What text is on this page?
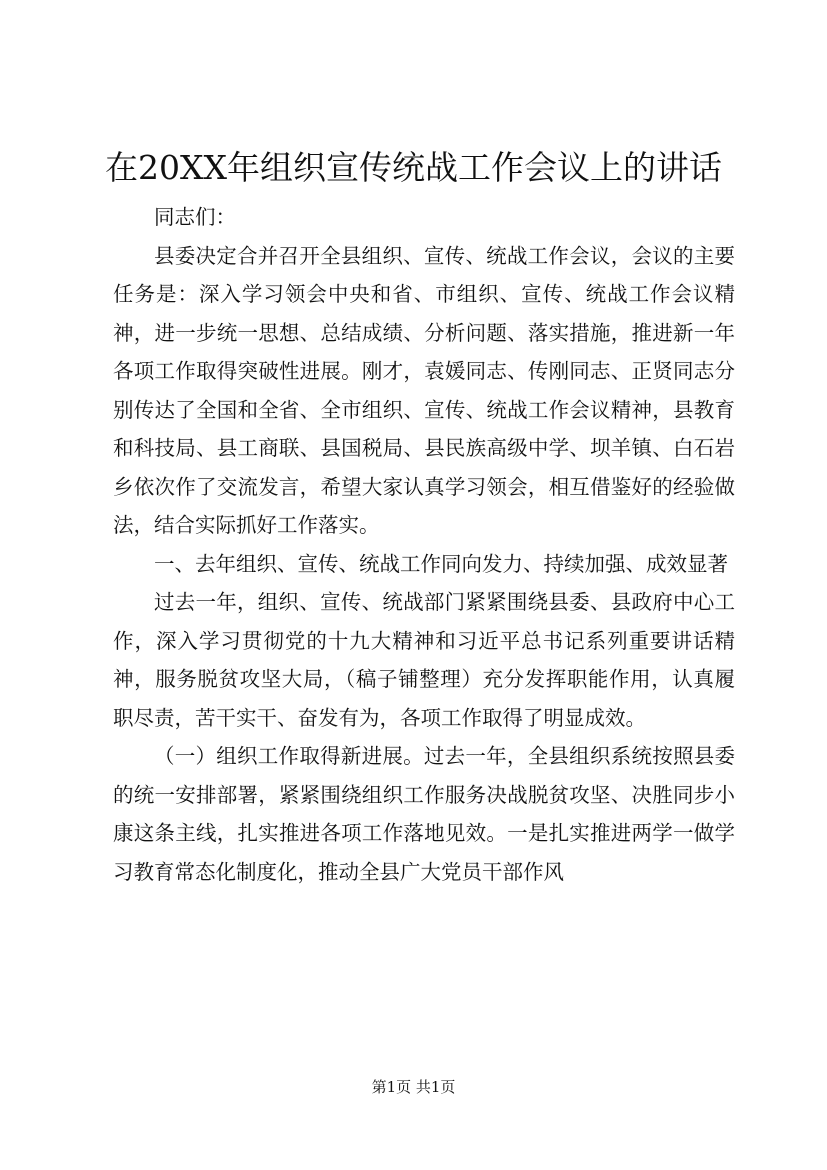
在20XX年组织宣传统战工作会议上的讲话

同志们：

县委决定合并召开全县组织、宣传、统战工作会议，会议的主要任务是：深入学习领会中央和省、市组织、宣传、统战工作会议精神，进一步统一思想、总结成绩、分析问题、落实措施，推进新一年各项工作取得突破性进展。刚才，袁媛同志、传刚同志、正贤同志分别传达了全国和全省、全市组织、宣传、统战工作会议精神，县教育和科技局、县工商联、县国税局、县民族高级中学、坝羊镇、白石岩乡依次作了交流发言，希望大家认真学习领会，相互借鉴好的经验做法，结合实际抓好工作落实。

一、去年组织、宣传、统战工作同向发力、持续加强、成效显著

过去一年，组织、宣传、统战部门紧紧围绕县委、县政府中心工作，深入学习贯彻党的十九大精神和习近平总书记系列重要讲话精神，服务脱贫攻坚大局，（稿子铺整理）充分发挥职能作用，认真履职尽责，苦干实干、奋发有为，各项工作取得了明显成效。

（一）组织工作取得新进展。过去一年，全县组织系统按照县委的统一安排部署，紧紧围绕组织工作服务决战脱贫攻坚、决胜同步小康这条主线，扎实推进各项工作落地见效。一是扎实推进两学一做学习教育常态化制度化，推动全县广大党员干部作风

第1页 共1页
